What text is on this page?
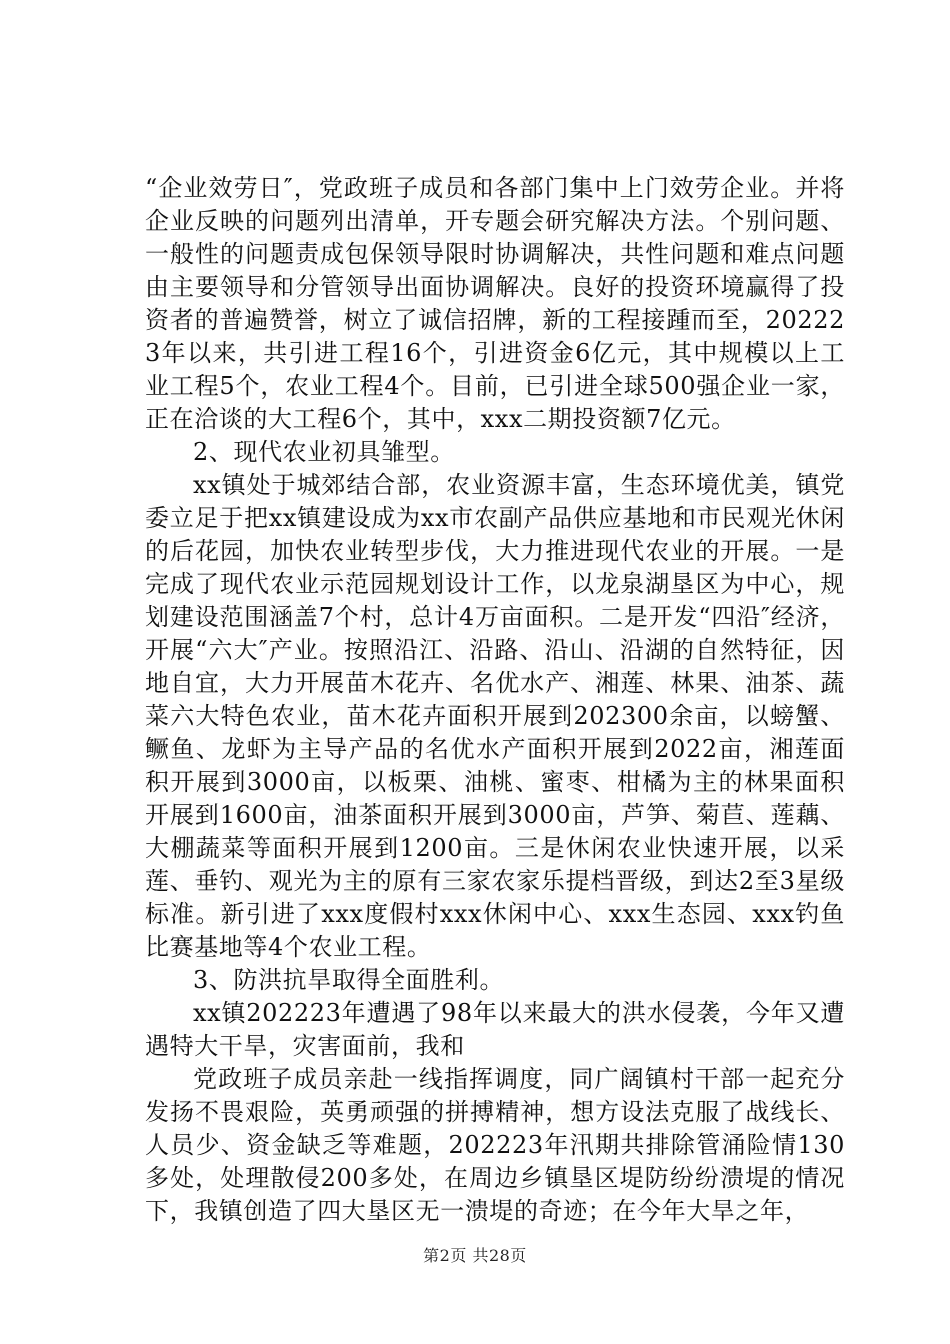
“企业效劳日″，党政班子成员和各部门集中上门效劳企业。并将企业反映的问题列出清单，开专题会研究解决方法。个别问题、一般性的问题责成包保领导限时协调解决，共性问题和难点问题由主要领导和分管领导出面协调解决。良好的投资环境赢得了投资者的普遍赞誉，树立了诚信招牌，新的工程接踵而至，202223年以来，共引进工程16个，引进资金6亿元，其中规模以上工业工程5个，农业工程4个。目前，已引进全球500强企业一家，正在洽谈的大工程6个，其中，xxx二期投资额7亿元。

2、现代农业初具雏型。

xx镇处于城郊结合部，农业资源丰富，生态环境优美，镇党委立足于把xx镇建设成为xx市农副产品供应基地和市民观光休闲的后花园，加快农业转型步伐，大力推进现代农业的开展。一是完成了现代农业示范园规划设计工作，以龙泉湖垦区为中心，规划建设范围涵盖7个村，总计4万亩面积。二是开发“四沿″经济，开展“六大″产业。按照沿江、沿路、沿山、沿湖的自然特征，因地自宜，大力开展苗木花卉、名优水产、湘莲、林果、油茶、蔬菜六大特色农业，苗木花卉面积开展到202300余亩，以螃蟹、鳜鱼、龙虾为主导产品的名优水产面积开展到2022亩，湘莲面积开展到3000亩，以板栗、油桃、蜜枣、柑橘为主的林果面积开展到1600亩，油茶面积开展到3000亩，芦笋、菊苣、莲藕、大棚蔬菜等面积开展到1200亩。三是休闲农业快速开展，以采莲、垂钓、观光为主的原有三家农家乐提档晋级，到达2至3星级标准。新引进了xxx度假村xxx休闲中心、xxx生态园、xxx钓鱼比赛基地等4个农业工程。

3、防洪抗旱取得全面胜利。

xx镇202223年遭遇了98年以来最大的洪水侵袭，今年又遭遇特大干旱，灾害面前，我和

党政班子成员亲赴一线指挥调度，同广阔镇村干部一起充分发扬不畏艰险，英勇顽强的拼搏精神，想方设法克服了战线长、人员少、资金缺乏等难题，202223年汛期共排除管涌险情130多处，处理散侵200多处，在周边乡镇垦区堤防纷纷溃堤的情况下，我镇创造了四大垦区无一溃堤的奇迹；在今年大旱之年，

第2页 共28页
